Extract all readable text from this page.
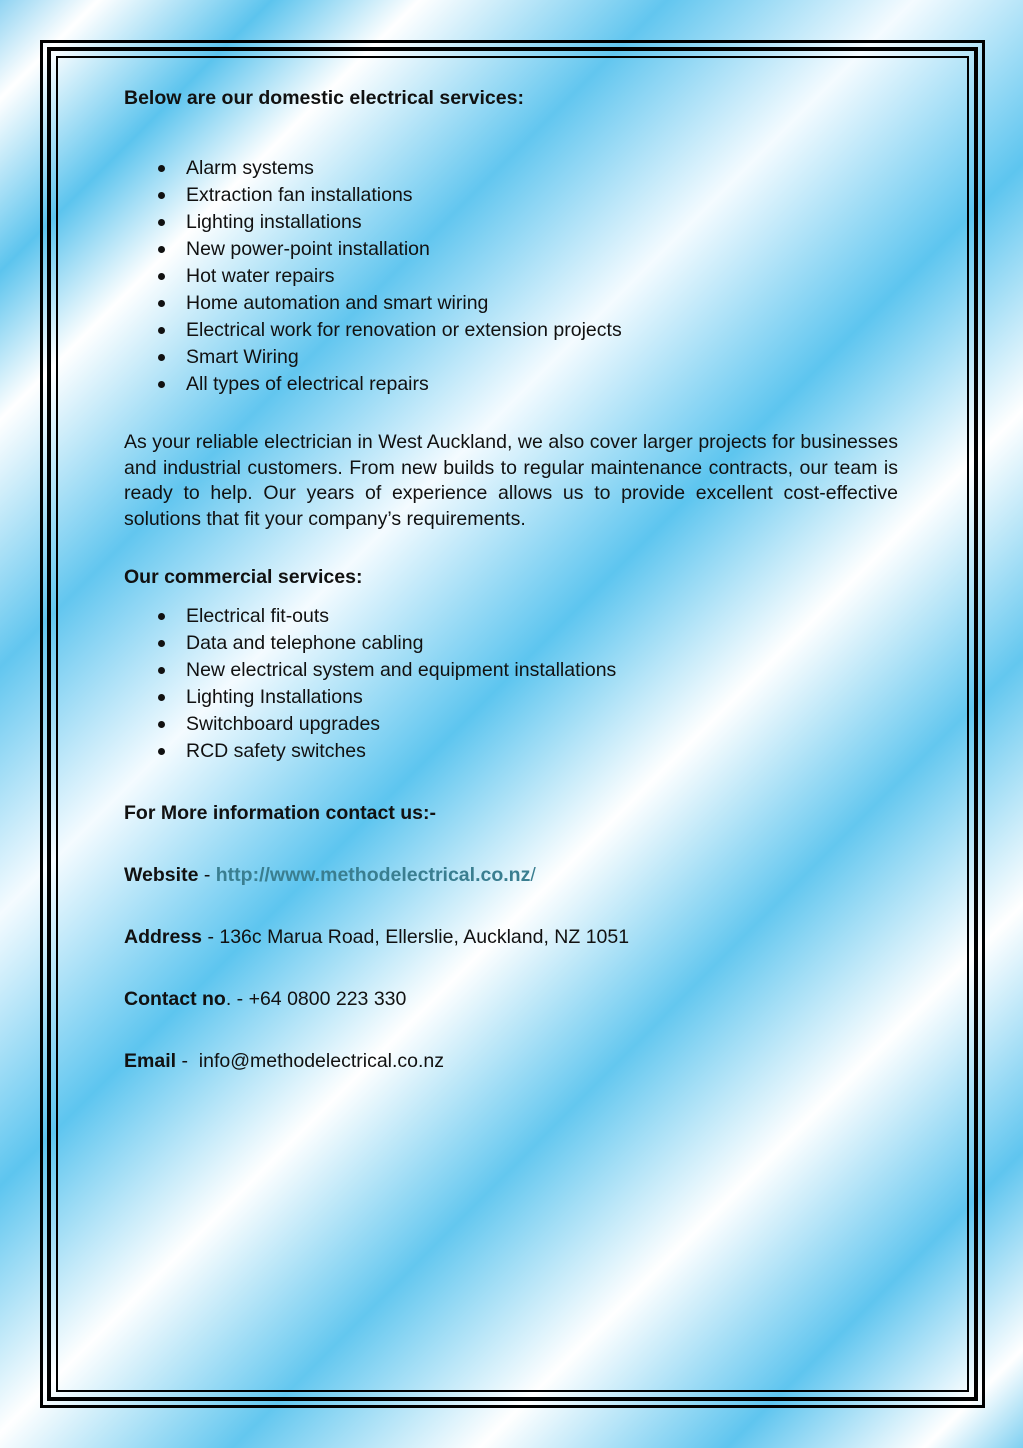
Below are our domestic electrical services:

Alarm systems
Extraction fan installations
Lighting installations
New power-point installation
Hot water repairs
Home automation and smart wiring
Electrical work for renovation or extension projects
Smart Wiring
All types of electrical repairs

As your reliable electrician in West Auckland, we also cover larger projects for businesses and industrial customers. From new builds to regular maintenance contracts, our team is ready to help. Our years of experience allows us to provide excellent cost-effective solutions that fit your company’s requirements.

Our commercial services:

Electrical fit-outs
Data and telephone cabling
New electrical system and equipment installations
Lighting Installations
Switchboard upgrades
RCD safety switches

For More information contact us:-

Website - http://www.methodelectrical.co.nz/

Address - 136c Marua Road, Ellerslie, Auckland, NZ 1051

Contact no. - +64 0800 223 330

Email -  info@methodelectrical.co.nz
